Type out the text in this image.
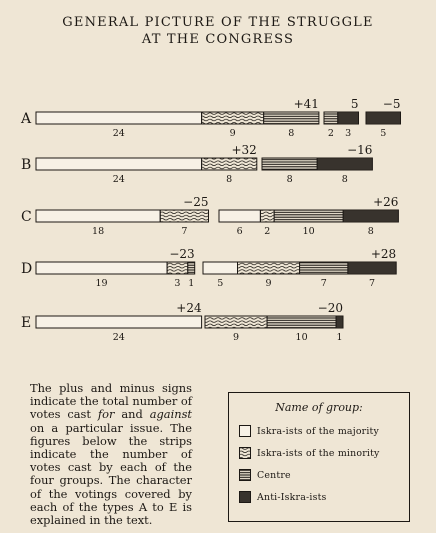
GENERAL PICTURE OF THE STRUGGLE
AT THE CONGRESS
A
24	9	8
+41
2 3
5
5
−5
B
24	8
+32
8	8
−16
C
18	7
−25
6 2	10	8
+26
D
19	3 1
−23
5	9	7	7
+28
E
24
+24
9	10	1
−20
The plus and minus signs indicate the total number of votes cast for and against on a particular issue. The figures below the strips indicate the number of votes cast by each of the four groups. The character of the votings covered by each of the types A to E is explained in the text.
Name of group:
Iskra-ists of the majority
Iskra-ists of the minority
Centre
Anti-Iskra-ists
